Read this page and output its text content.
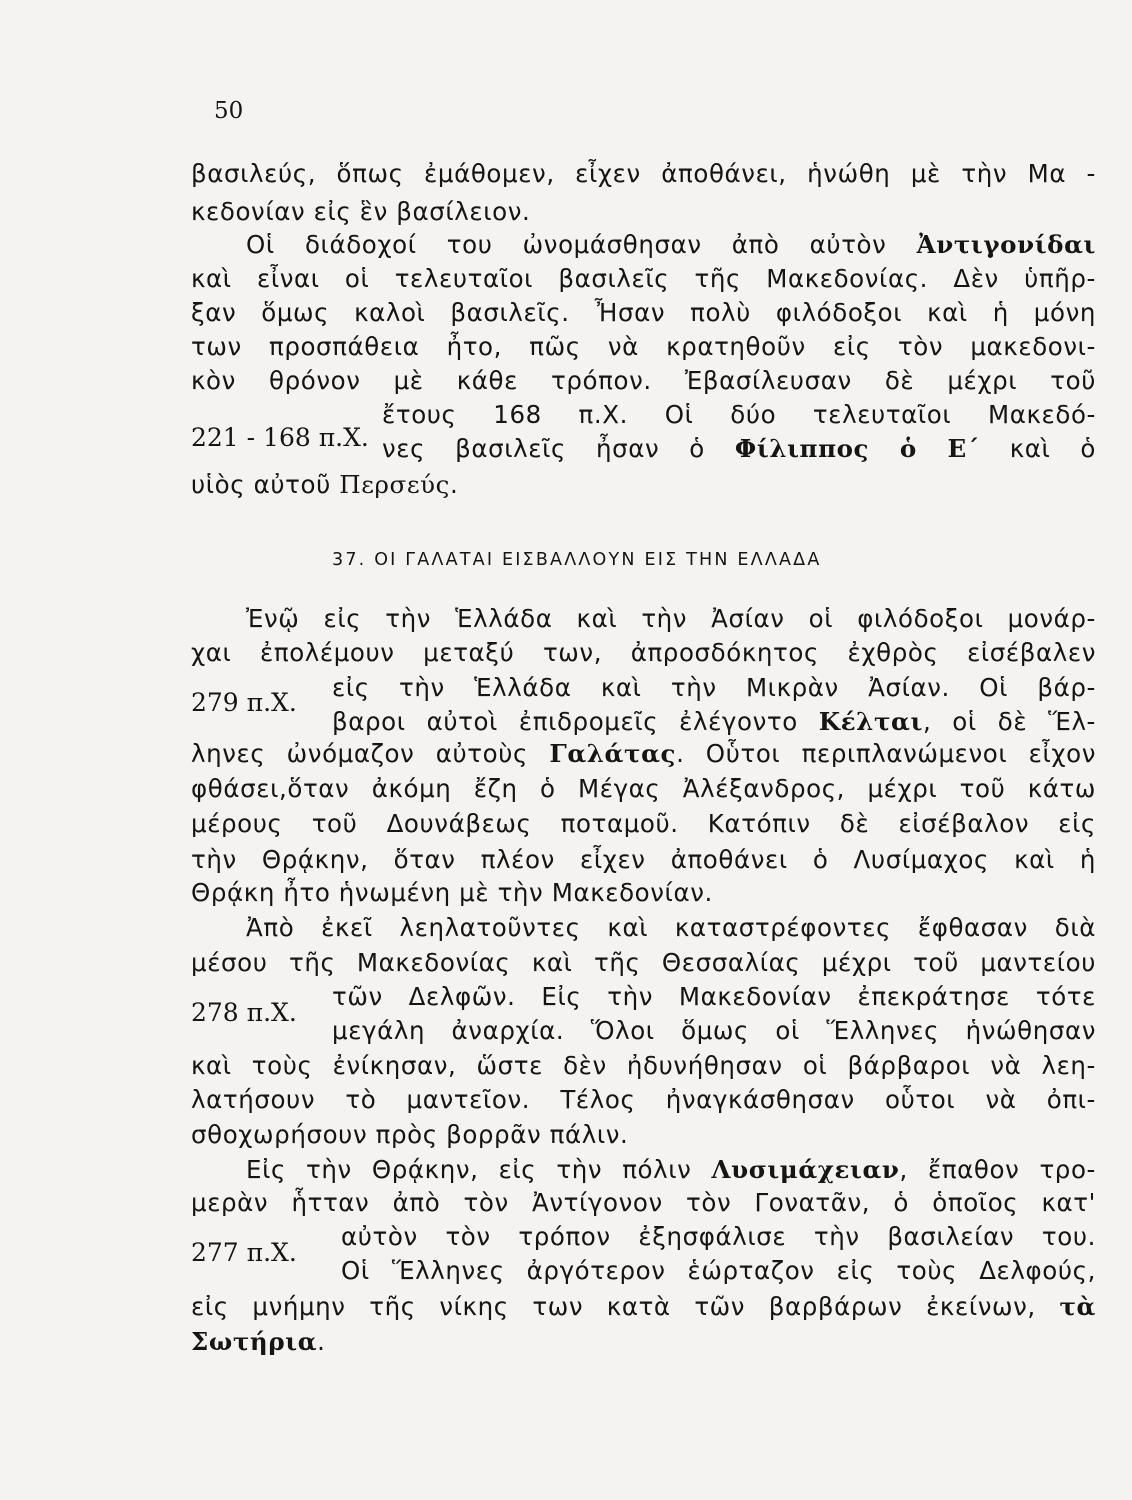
50
βασιλεύς, ὅπως ἐμάθομεν, εἶχεν ἀποθάνει, ἡνώθη μὲ τὴν Μα -
κεδονίαν εἰς ἓν βασίλειον.
Οἱ διάδοχοί του ὠνομάσθησαν ἀπὸ αὐτὸν Ἀντιγονίδαι
καὶ εἶναι οἱ τελευταῖοι βασιλεῖς τῆς Μακεδονίας. Δὲν ὑπῆρ-
ξαν ὅμως καλοὶ βασιλεῖς. Ἦσαν πολὺ φιλόδοξοι καὶ ἡ μόνη
των προσπάθεια ἦτο, πῶς νὰ κρατηθοῦν εἰς τὸν μακεδονι-
κὸν θρόνον μὲ κάθε τρόπον. Ἐβασίλευσαν δὲ μέχρι τοῦ
221 - 168 π.Χ.
ἔτους 168 π.Χ. Οἱ δύο τελευταῖοι Μακεδό-
νες βασιλεῖς ἦσαν ὁ Φίλιππος ὁ Ε΄ καὶ ὁ
υἱὸς αὐτοῦ Περσεύς.
37. ΟΙ ΓΑΛΑΤΑΙ ΕΙΣΒΑΛΛΟΥΝ ΕΙΣ ΤΗΝ ΕΛΛΑΔΑ
Ἐνῷ εἰς τὴν Ἑλλάδα καὶ τὴν Ἀσίαν οἱ φιλόδοξοι μονάρ-
χαι ἐπολέμουν μεταξύ των, ἀπροσδόκητος ἐχθρὸς εἰσέβαλεν
279 π.Χ.
εἰς τὴν Ἑλλάδα καὶ τὴν Μικρὰν Ἀσίαν. Οἱ βάρ-
βαροι αὐτοὶ ἐπιδρομεῖς ἐλέγοντο Κέλται, οἱ δὲ Ἕλ-
ληνες ὠνόμαζον αὐτοὺς Γαλάτας. Οὗτοι περιπλανώμενοι εἶχον
φθάσει,ὅταν ἀκόμη ἔζη ὁ Μέγας Ἀλέξανδρος, μέχρι τοῦ κάτω
μέρους τοῦ Δουνάβεως ποταμοῦ. Κατόπιν δὲ εἰσέβαλον εἰς
τὴν Θρᾴκην, ὅταν πλέον εἶχεν ἀποθάνει ὁ Λυσίμαχος καὶ ἡ
Θρᾴκη ἦτο ἡνωμένη μὲ τὴν Μακεδονίαν.
Ἀπὸ ἐκεῖ λεηλατοῦντες καὶ καταστρέφοντες ἔφθασαν διὰ
μέσου τῆς Μακεδονίας καὶ τῆς Θεσσαλίας μέχρι τοῦ μαντείου
278 π.Χ.
τῶν Δελφῶν. Εἰς τὴν Μακεδονίαν ἐπεκράτησε τότε
μεγάλη ἀναρχία. Ὅλοι ὅμως οἱ Ἕλληνες ἡνώθησαν
καὶ τοὺς ἐνίκησαν, ὥστε δὲν ἠδυνήθησαν οἱ βάρβαροι νὰ λεη-
λατήσουν τὸ μαντεῖον. Τέλος ἠναγκάσθησαν οὗτοι νὰ ὀπι-
σθοχωρήσουν πρὸς βορρᾶν πάλιν.
Εἰς τὴν Θρᾴκην, εἰς τὴν πόλιν Λυσιμάχειαν, ἔπαθον τρο-
μερὰν ἧτταν ἀπὸ τὸν Ἀντίγονον τὸν Γονατᾶν, ὁ ὁποῖος κατ'
277 π.Χ.
αὐτὸν τὸν τρόπον ἐξησφάλισε τὴν βασιλείαν του.
Οἱ Ἕλληνες ἀργότερον ἑώρταζον εἰς τοὺς Δελφούς,
εἰς μνήμην τῆς νίκης των κατὰ τῶν βαρβάρων ἐκείνων, τὰ
Σωτήρια.
